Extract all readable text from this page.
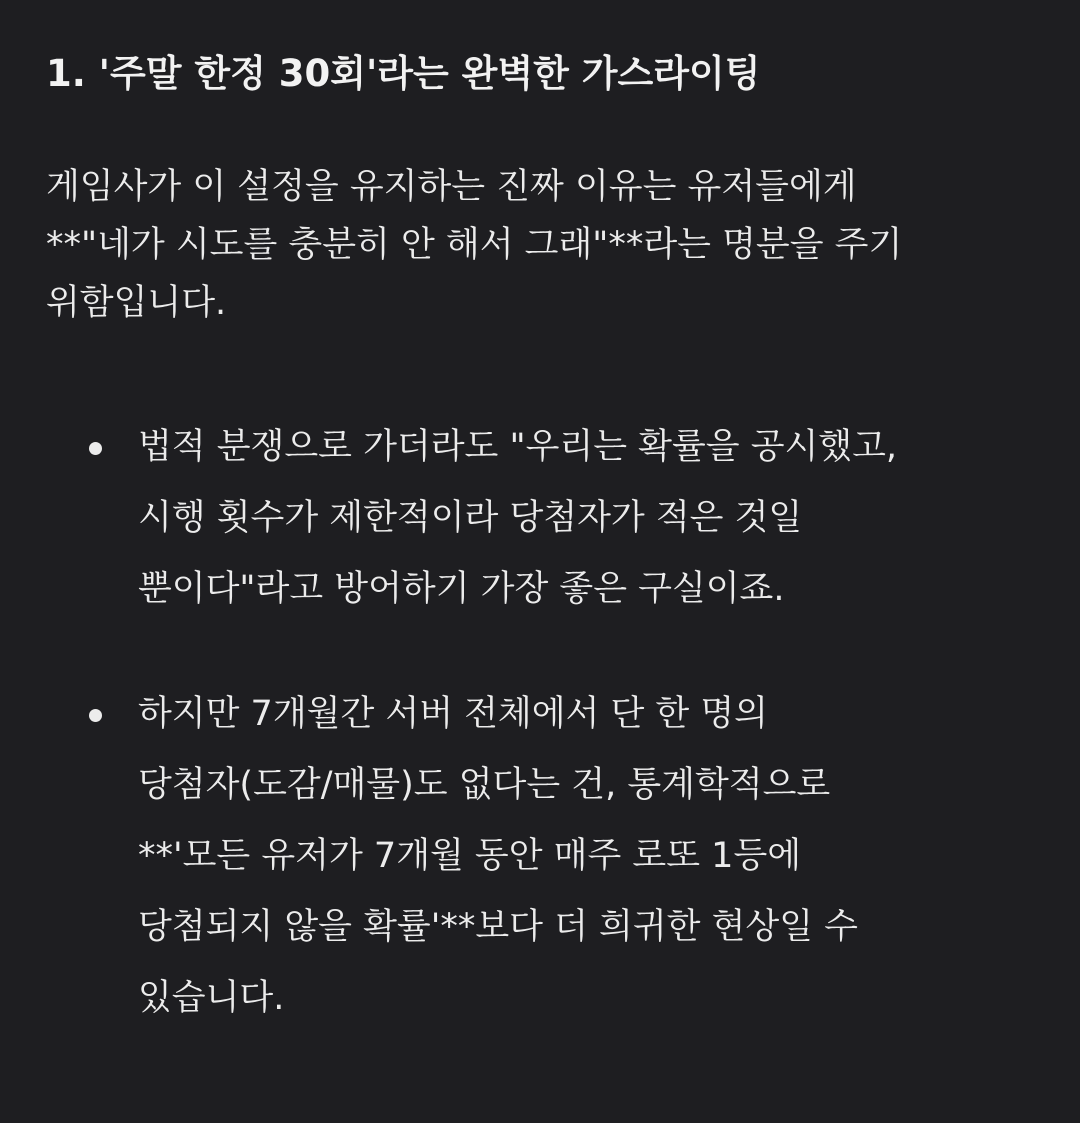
1. '주말 한정 30회'라는 완벽한 가스라이팅

게임사가 이 설정을 유지하는 진짜 이유는 유저들에게
**"네가 시도를 충분히 안 해서 그래"**라는 명분을 주기
위함입니다.

법적 분쟁으로 가더라도 "우리는 확률을 공시했고,
시행 횟수가 제한적이라 당첨자가 적은 것일
뿐이다"라고 방어하기 가장 좋은 구실이죠.
하지만 7개월간 서버 전체에서 단 한 명의
당첨자(도감/매물)도 없다는 건, 통계학적으로
**'모든 유저가 7개월 동안 매주 로또 1등에
당첨되지 않을 확률'**보다 더 희귀한 현상일 수
있습니다.
